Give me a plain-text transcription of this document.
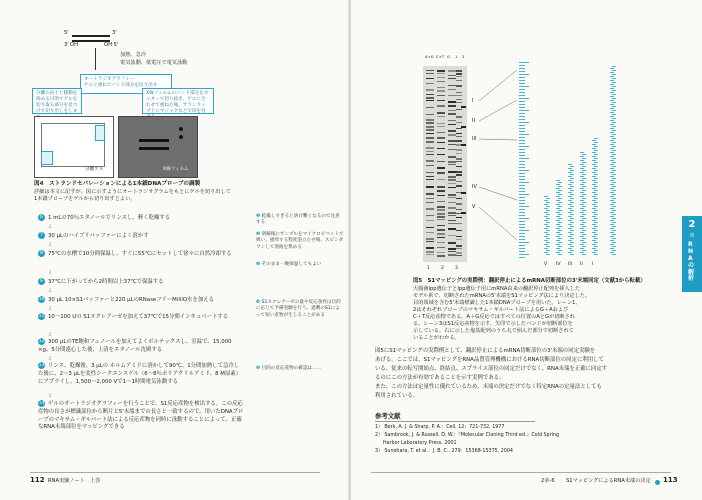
5'
3' OH
3'
OH 5'
加熱、急冷
電気泳動、低電圧で電気泳動
オートラジオグラフィー
ゲルと重ねてバンド部分を切り出す
分離の向上と移動を高める目的でゲルを切り取る部分を見つけて切り出しをしま
X線フィルムのバンド部分をカッターで切り抜き、ゲルに合わせて重ねた後、サランラップ上にマジックなどで印を付
分離ゲル	X線フィルム
図4　ストランドセパレーションによる1本鎖DNAプローブの調製
詳細は本文に記すが、図に示すようにオートラジオグラムをもとにゲルを切り出して
1本鎖プローブをゲルから切り出すとよい。
6 1 mLの70％エタノールでリンスし、軽く乾燥する
⇩
7 30 μLのハイブリバッファーによく溶かす
⇩
8 75℃の水槽で10分間保温し、すぐに55℃にセットして徐々に自然冷却する
⇩
9 37℃に下がってから2時間以上37℃で保温する
⇩
10 30 μL 10×S1バッファーと220 μLのRNaseフリーMilliQ水を加える
⇩
11 10〜100 Uの S1ヌクレアーゼを加えて37℃で15分間インキュベートする
⇩
12 300 μLのTE飽和フェノールを加えてよくボルテックスし、室温で、15,000 ×g、5分間遠心した後、上清をエタノール沈殿する
⇩
13 リンス、乾燥後、3 μLの ホルムアミドに溶かして90℃、1分間加熱して急冷した後に、2〜3 μLを変性シークエンスゲル（6〜8％ポリアクリルアミド、8 M尿素）にアプライし、1,500〜2,000 Vで1〜1時間電気泳動する
⇩
14 ゲルのオートラジオグラフィーを行うことで、S1反応産物を検出する。この反応産物の長さが標識部位から断片と5'末端までの長さと一致するので、用いたDNAプローブのマキサム・ギルバート法による反応産物を同時に泳動することによって、正確なRNA末端部位をマッピングできる
❶ 乾燥しすぎると溶け難くなるので注意する
❷ 溶解後にサンプルをマイクロピペットで吸い、掻痒する程度泡立たせ後、スピンダウンして溶液を集める
❸ そのまま一晩保温してもよい
❹ S1ヌクレアーゼの量や反応条件は目的に応じて予備実験を行う。過剰のS1によって短い産物が生じることがある
❺ 目的の反応産物の確認は……
112 RNA実験ノート　上巻
A+G C+T G 1 2
1 2 3
I
II
III
IV
V
V IV III II I
図5　S1マッピングの実際例：翻訳停止によるmRNA切断部位の3'末端同定（文献3から転載）
大腸菌lpp遺伝子とlpp遺伝子用にmRNA由来の翻訳停止配列を挿入した
モデル系で、切断されたmRNAの5'末端をS1マッピング法により決定した。
目的領域を含む5'末端標識した1本鎖DNAプローブを用いた。レーン1、
2はそれぞれプローブのマキサム・ギルバート法によるG＋Aおよび
C＋T反応産物である。A＋G反応ではすべての位置のAとGが切断され
る。レーン3はS1反応産物を示す。矢印で示したバンドが切断部位を
示している。右に示した塩基配列のうち丸で囲んだ部分で切断されて
いることがわかる。
図5にS1マッピングの実際例として、翻訳停止によるmRNA切断部位の3'末端の同定実験を
あげる。ここでは、S1マッピングをRNA品質管理機構におけるRNA切断部位の同定に利用して
いる。従来の転写開始点、終結点、スプライス部位の同定だけでなく、RNA末端を正確に同定す
るのにこの方法が有効であることを示す実例である。
また、この方法は定量性に優れているため、末端の決定だけでなく特定RNAの定量法としても
利用されている。
参考文献
1） Berk, A. J. & Sharp, P. A.：Cell, 12：721-732, 1977
2） Sambrook, J. & Russell, D. W.：『Molecular Cloning Third ed.』Cold Spring
Harbor Laboratory Press, 2001
3） Sunohara, T. et al.：J. B. C., 279：15368-15375, 2004
2
章
RNAの解析
2章-6 S1マッピングによるRNA末端の決定 113
